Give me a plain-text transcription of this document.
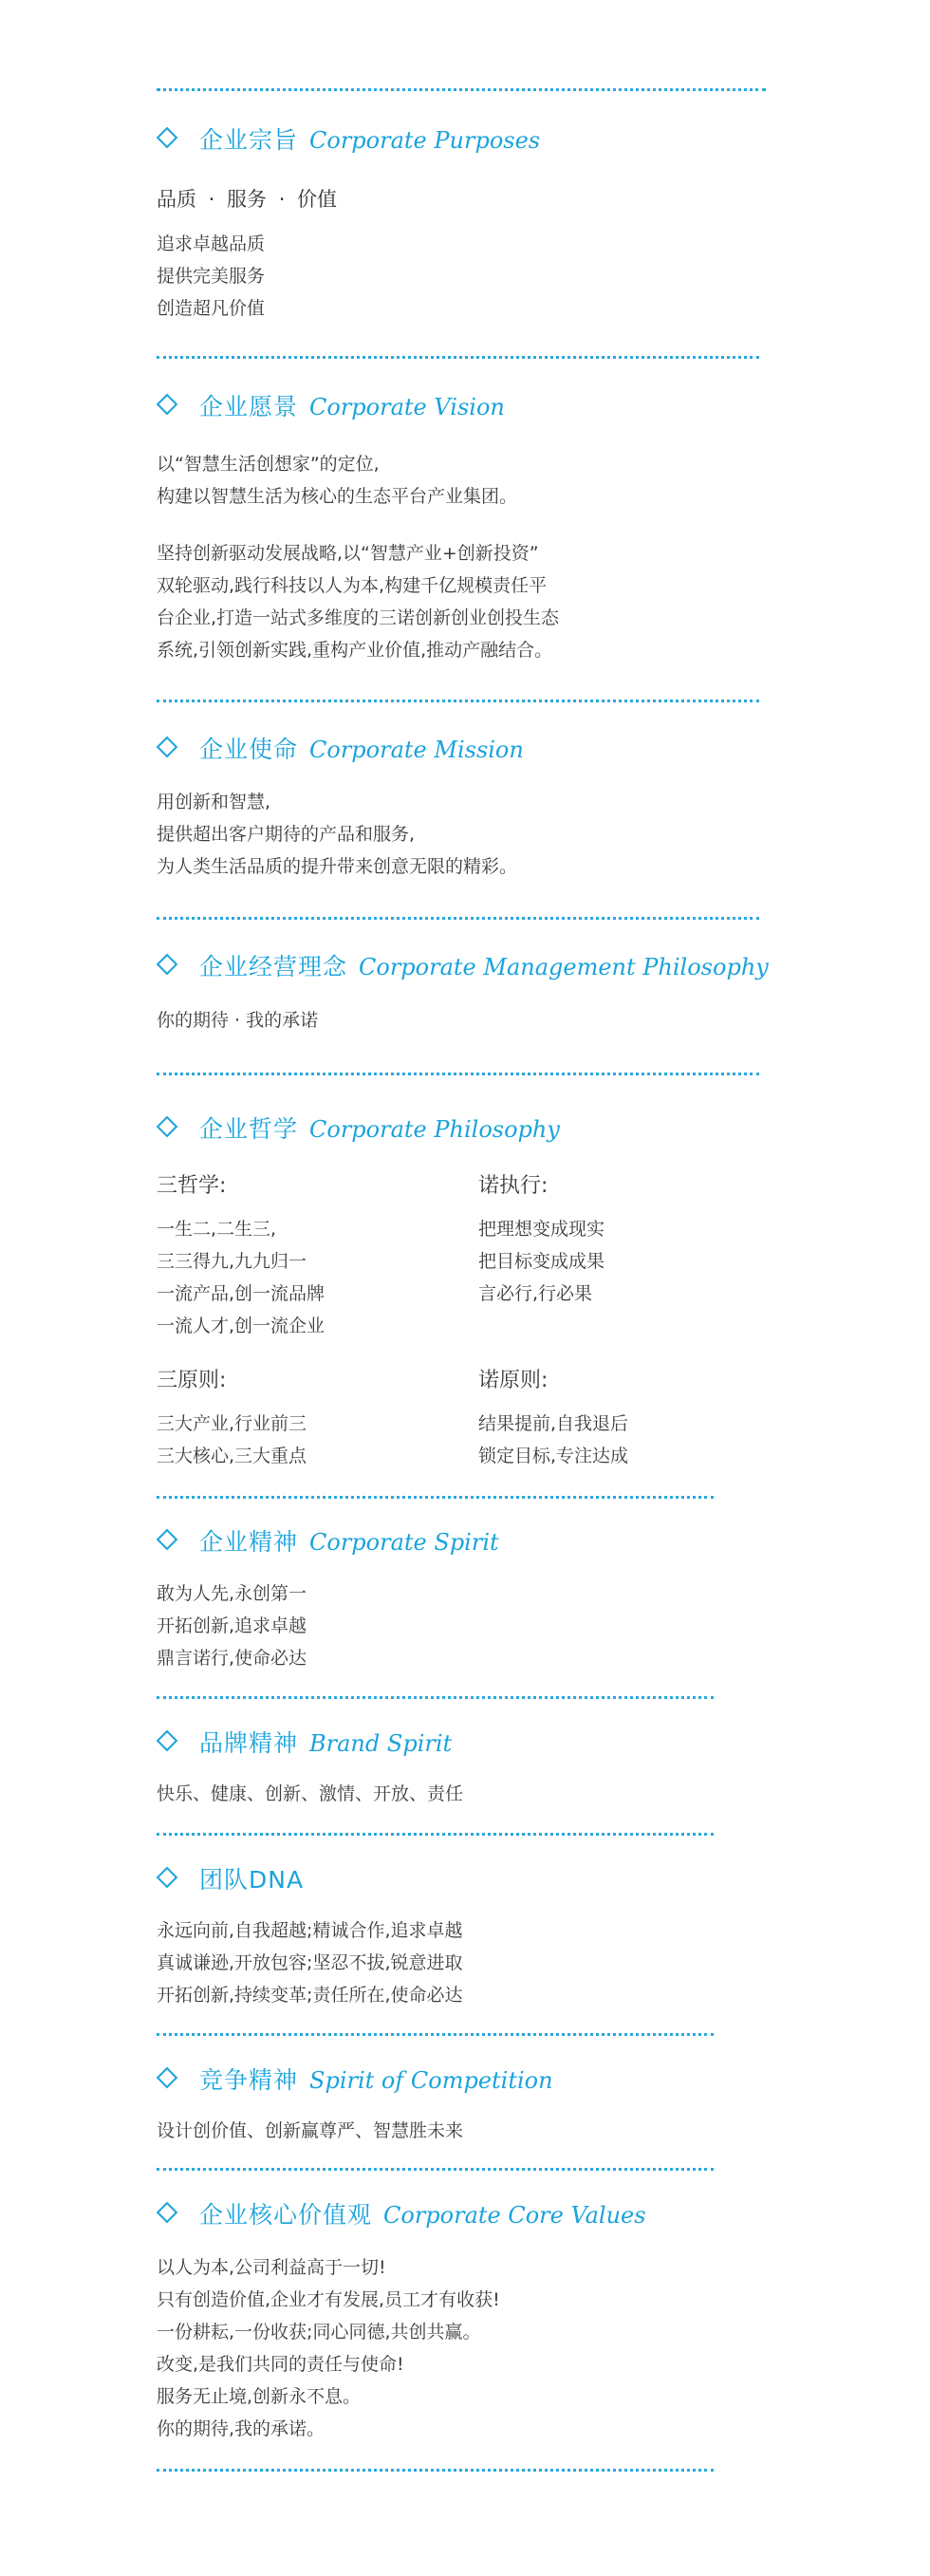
企业宗旨 Corporate Purposes
品质 · 服务 · 价值
追求卓越品质
提供完美服务
创造超凡价值
企业愿景 Corporate Vision
以“智慧生活创想家”的定位,
构建以智慧生活为核心的生态平台产业集团。
坚持创新驱动发展战略,以“智慧产业+创新投资”
双轮驱动,践行科技以人为本,构建千亿规模责任平
台企业,打造一站式多维度的三诺创新创业创投生态
系统,引领创新实践,重构产业价值,推动产融结合。
企业使命 Corporate Mission
用创新和智慧,
提供超出客户期待的产品和服务,
为人类生活品质的提升带来创意无限的精彩。
企业经营理念 Corporate Management Philosophy
你的期待 · 我的承诺
企业哲学 Corporate Philosophy
三哲学:
一生二,二生三,
三三得九,九九归一
一流产品,创一流品牌
一流人才,创一流企业
诺执行:
把理想变成现实
把目标变成成果
言必行,行必果
三原则:
三大产业,行业前三
三大核心,三大重点
诺原则:
结果提前,自我退后
锁定目标,专注达成
企业精神 Corporate Spirit
敢为人先,永创第一
开拓创新,追求卓越
鼎言诺行,使命必达
品牌精神 Brand Spirit
快乐、健康、创新、激情、开放、责任
团队DNA
永远向前,自我超越;精诚合作,追求卓越
真诚谦逊,开放包容;坚忍不拔,锐意进取
开拓创新,持续变革;责任所在,使命必达
竞争精神 Spirit of Competition
设计创价值、创新赢尊严、智慧胜未来
企业核心价值观 Corporate Core Values
以人为本,公司利益高于一切!
只有创造价值,企业才有发展,员工才有收获!
一份耕耘,一份收获;同心同德,共创共赢。
改变,是我们共同的责任与使命!
服务无止境,创新永不息。
你的期待,我的承诺。
